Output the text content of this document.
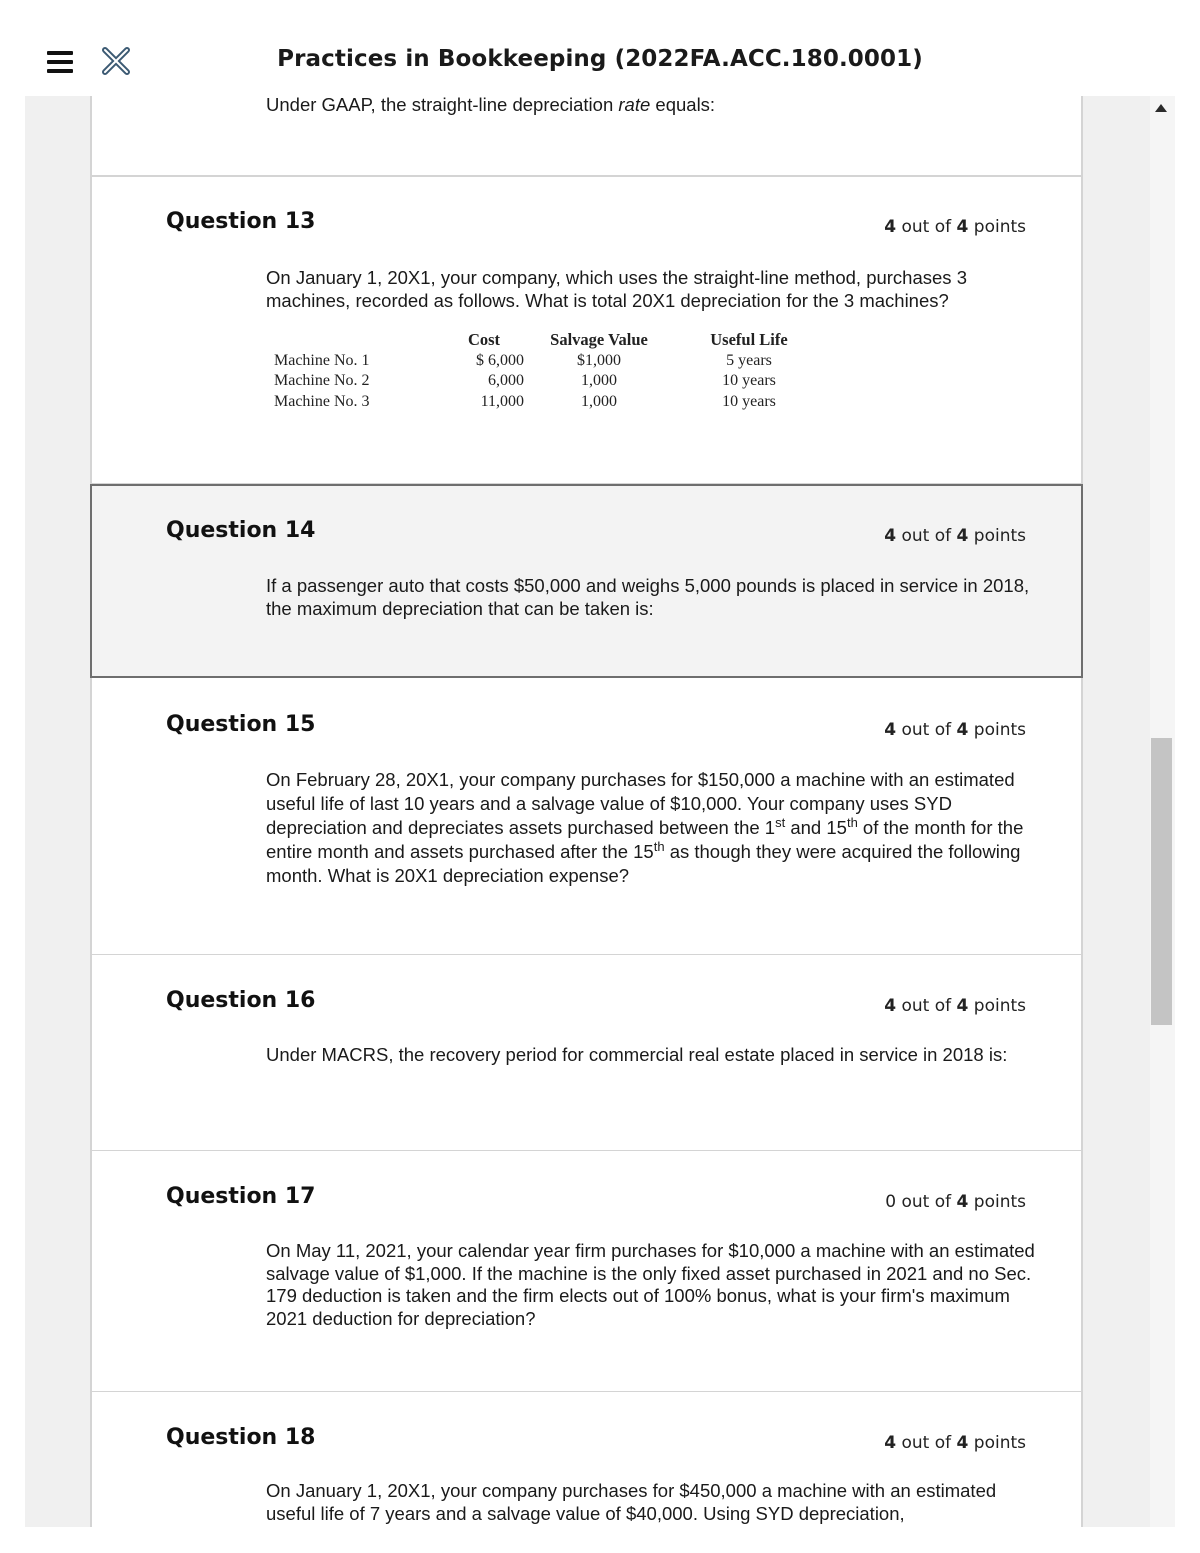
Practices in Bookkeeping (2022FA.ACC.180.0001)
Under GAAP, the straight-line depreciation rate equals:
Question 13	4 out of 4 points
On January 1, 20X1, your company, which uses the straight-line method, purchases 3 machines, recorded as follows. What is total 20X1 depreciation for the 3 machines?
	Cost	Salvage Value	Useful Life
Machine No. 1	$ 6,000	$1,000	5 years
Machine No. 2	6,000	1,000	10 years
Machine No. 3	11,000	1,000	10 years
Question 14	4 out of 4 points
If a passenger auto that costs $50,000 and weighs 5,000 pounds is placed in service in 2018, the maximum depreciation that can be taken is:
Question 15	4 out of 4 points
On February 28, 20X1, your company purchases for $150,000 a machine with an estimated useful life of last 10 years and a salvage value of $10,000. Your company uses SYD depreciation and depreciates assets purchased between the 1st and 15th of the month for the entire month and assets purchased after the 15th as though they were acquired the following month. What is 20X1 depreciation expense?
Question 16	4 out of 4 points
Under MACRS, the recovery period for commercial real estate placed in service in 2018 is:
Question 17	0 out of 4 points
On May 11, 2021, your calendar year firm purchases for $10,000 a machine with an estimated salvage value of $1,000. If the machine is the only fixed asset purchased in 2021 and no Sec. 179 deduction is taken and the firm elects out of 100% bonus, what is your firm's maximum 2021 deduction for depreciation?
Question 18	4 out of 4 points
On January 1, 20X1, your company purchases for $450,000 a machine with an estimated useful life of 7 years and a salvage value of $40,000. Using SYD depreciation,
